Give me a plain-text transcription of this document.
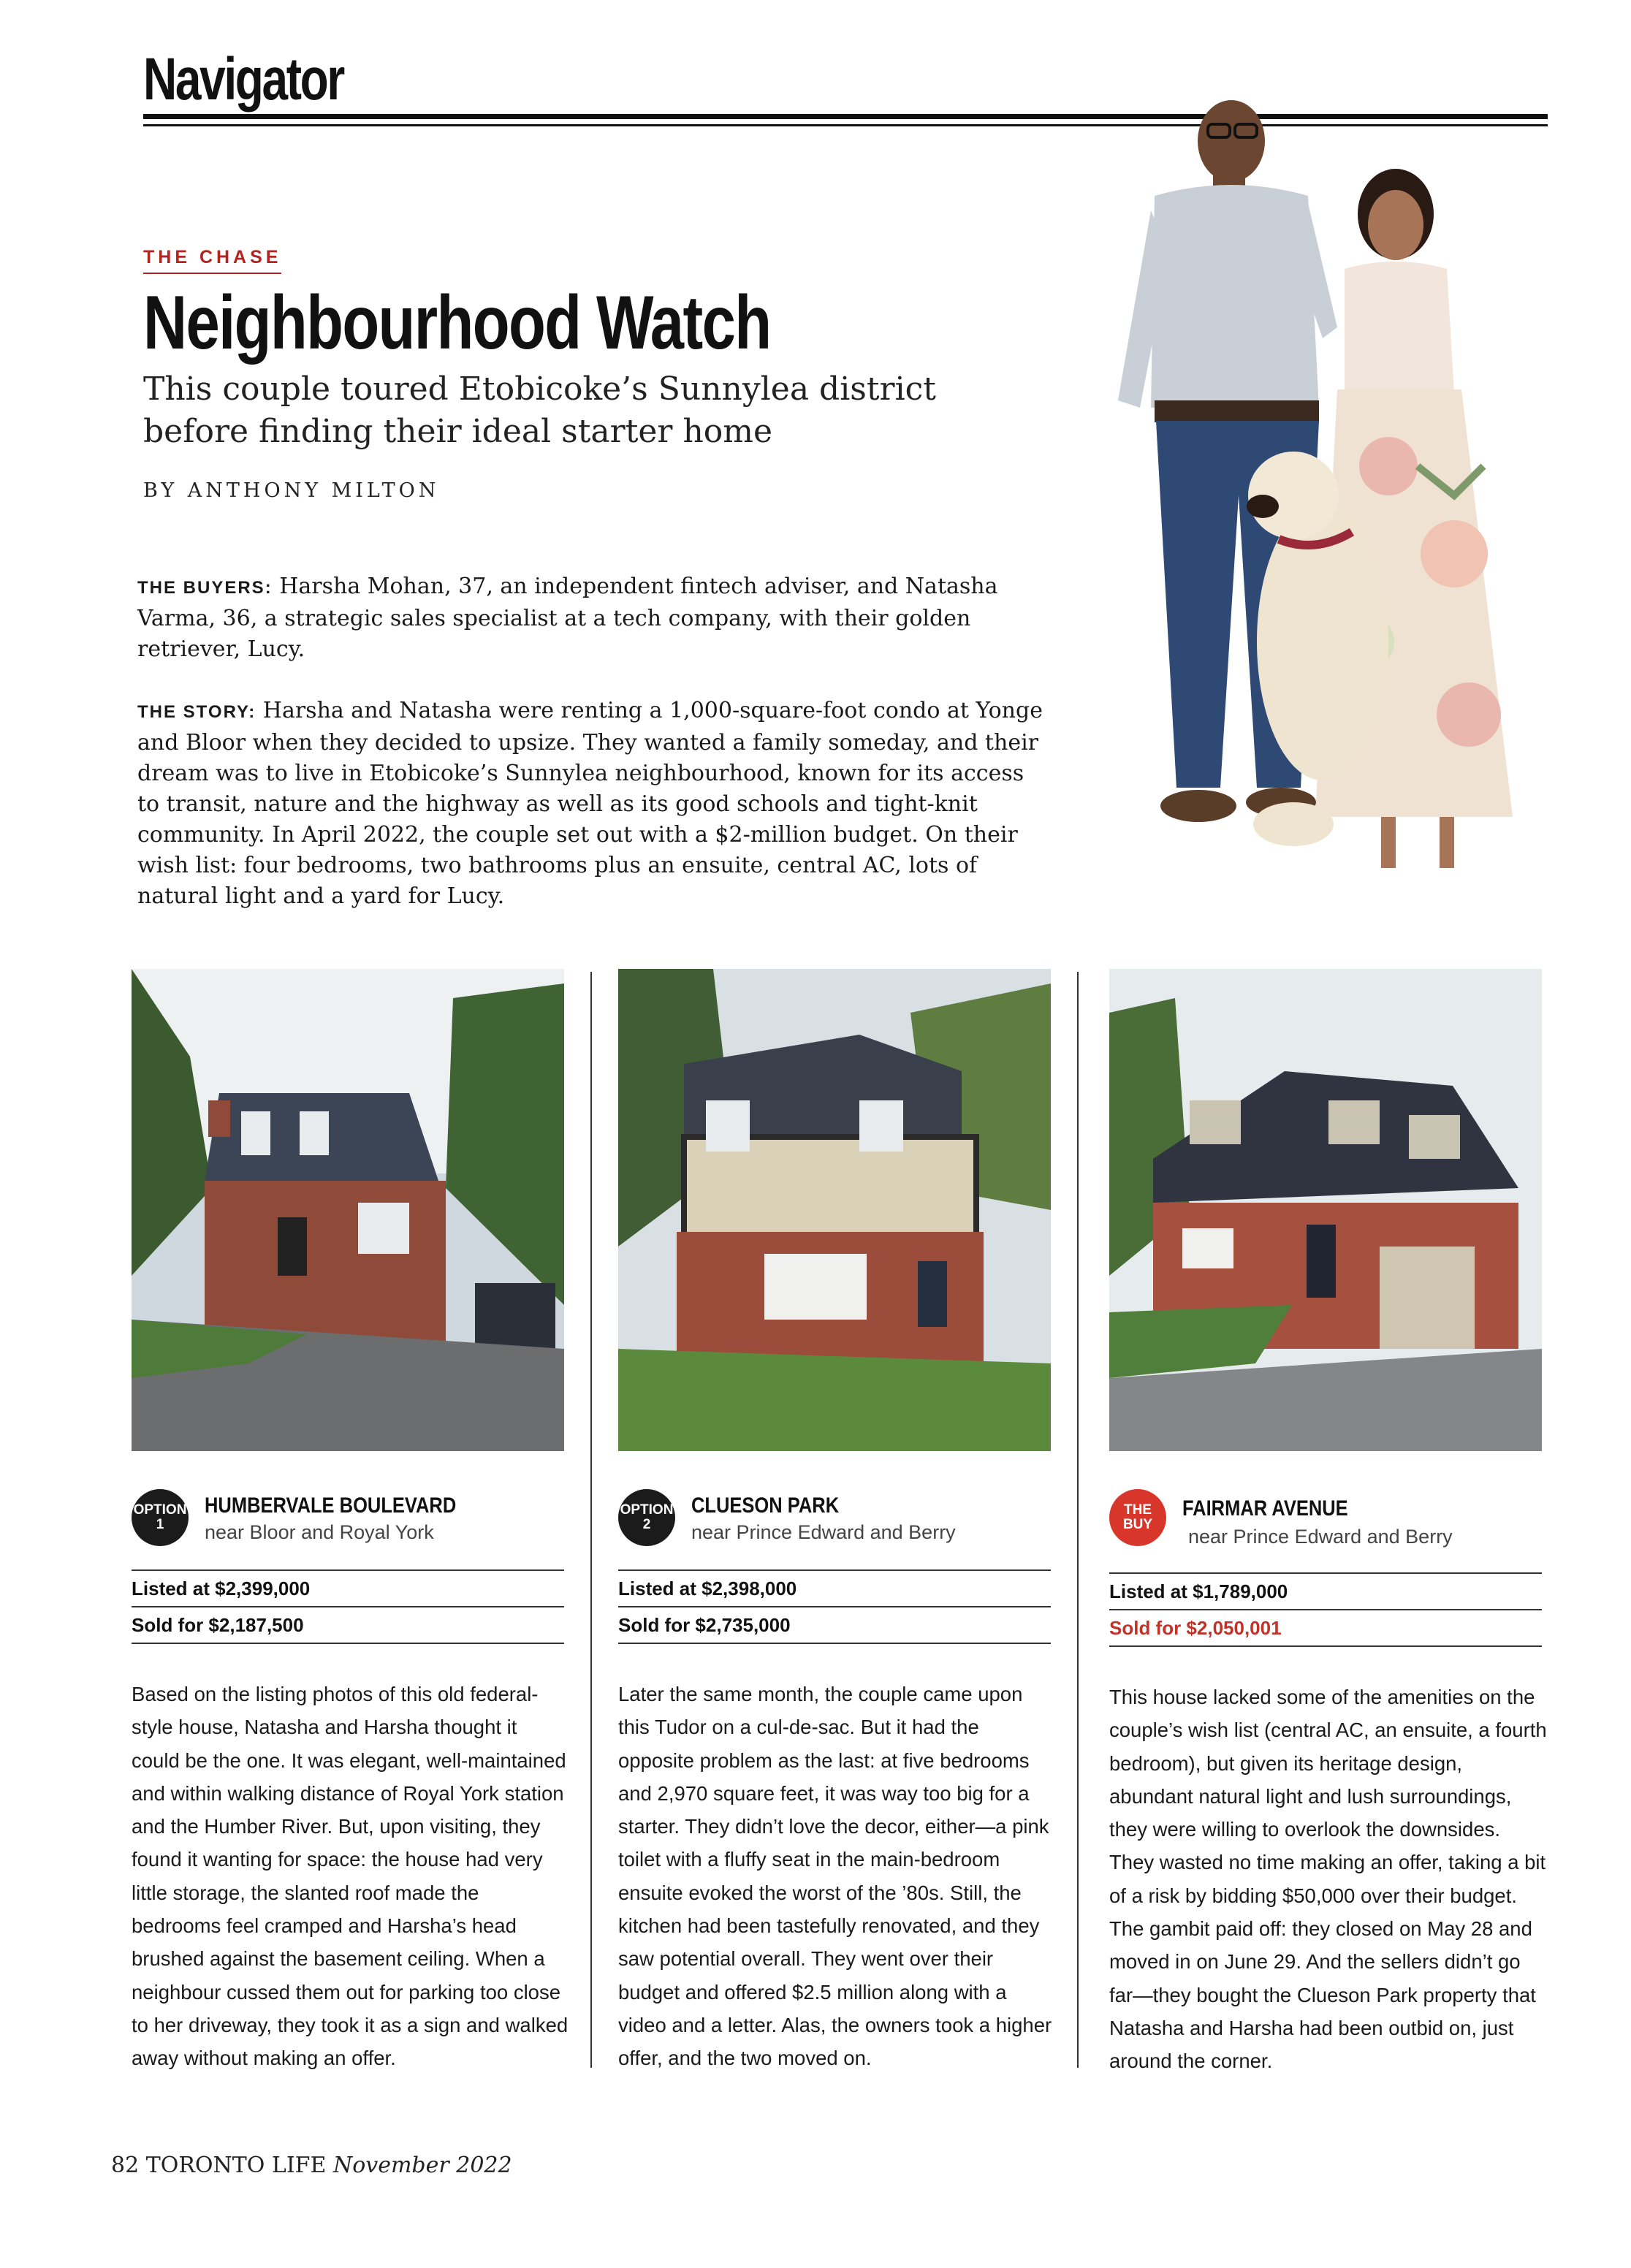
Navigator
THE CHASE
Neighbourhood Watch
This couple toured Etobicoke’s Sunnylea district
before finding their ideal starter home
BY ANTHONY MILTON
THE BUYERS: Harsha Mohan, 37, an independent fintech adviser, and Natasha Varma, 36, a strategic sales specialist at a tech company, with their golden retriever, Lucy.
THE STORY: Harsha and Natasha were renting a 1,000-square-foot condo at Yonge and Bloor when they decided to upsize. They wanted a family someday, and their dream was to live in Etobicoke’s Sunnylea neighbourhood, known for its access to transit, nature and the highway as well as its good schools and tight-knit community. In April 2022, the couple set out with a $2-million budget. On their wish list: four bedrooms, two bathrooms plus an ensuite, central AC, lots of natural light and a yard for Lucy.
OPTION
1
HUMBERVALE BOULEVARD
near Bloor and Royal York
Listed at $2,399,000
Sold for $2,187,500
Based on the listing photos of this old federal-style house, Natasha and Harsha thought it could be the one. It was elegant, well-maintained and within walking distance of Royal York station and the Humber River. But, upon visiting, they found it wanting for space: the house had very little storage, the slanted roof made the bedrooms feel cramped and Harsha’s head brushed against the basement ceiling. When a neighbour cussed them out for parking too close to her driveway, they took it as a sign and walked away without making an offer.
OPTION
2
CLUESON PARK
near Prince Edward and Berry
Listed at $2,398,000
Sold for $2,735,000
Later the same month, the couple came upon this Tudor on a cul-de-sac. But it had the opposite problem as the last: at five bedrooms and 2,970 square feet, it was way too big for a starter. They didn’t love the decor, either—a pink toilet with a fluffy seat in the main-bedroom ensuite evoked the worst of the ’80s. Still, the kitchen had been tastefully renovated, and they saw potential overall. They went over their budget and offered $2.5 million along with a video and a letter. Alas, the owners took a higher offer, and the two moved on.
THE
BUY
FAIRMAR AVENUE
near Prince Edward and Berry
Listed at $1,789,000
Sold for $2,050,001
This house lacked some of the amenities on the couple’s wish list (central AC, an ensuite, a fourth bedroom), but given its heritage design, abundant natural light and lush surroundings, they were willing to overlook the downsides. They wasted no time making an offer, taking a bit of a risk by bidding $50,000 over their budget. The gambit paid off: they closed on May 28 and moved in on June 29. And the sellers didn’t go far—they bought the Clueson Park property that Natasha and Harsha had been outbid on, just around the corner.
82 TORONTO LIFE November 2022
